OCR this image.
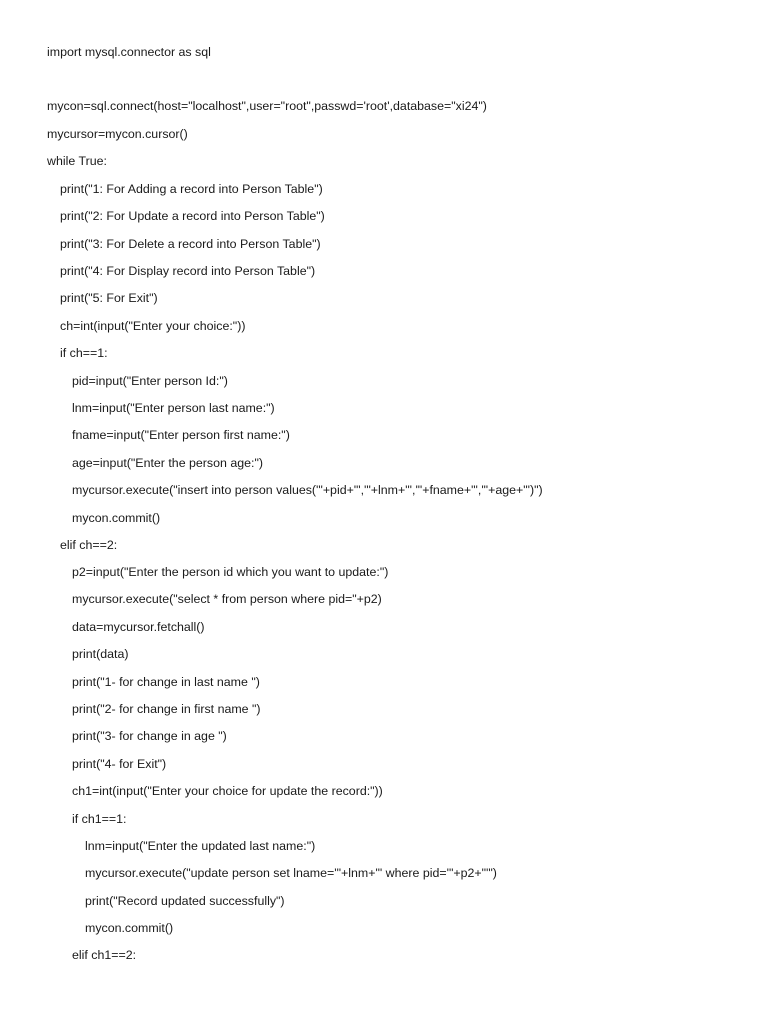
import mysql.connector as sql
mycon=sql.connect(host="localhost",user="root",passwd='root',database="xi24")
mycursor=mycon.cursor()
while True:
print("1: For Adding a record into Person Table")
print("2: For Update a record into Person Table")
print("3: For Delete a record into Person Table")
print("4: For Display record into Person Table")
print("5: For Exit")
ch=int(input("Enter your choice:"))
if ch==1:
pid=input("Enter person Id:")
lnm=input("Enter person last name:")
fname=input("Enter person first name:")
age=input("Enter the person age:")
mycursor.execute("insert into person values('"+pid+"','"+lnm+"','"+fname+"','"+age+"')")
mycon.commit()
elif ch==2:
p2=input("Enter the person id which you want to update:")
mycursor.execute("select * from person where pid="+p2)
data=mycursor.fetchall()
print(data)
print("1- for change in last name ")
print("2- for change in first name ")
print("3- for change in age ")
print("4- for Exit")
ch1=int(input("Enter your choice for update the record:"))
if ch1==1:
lnm=input("Enter the updated last name:")
mycursor.execute("update person set lname='"+lnm+"' where pid='"+p2+"'")
print("Record updated successfully")
mycon.commit()
elif ch1==2:
